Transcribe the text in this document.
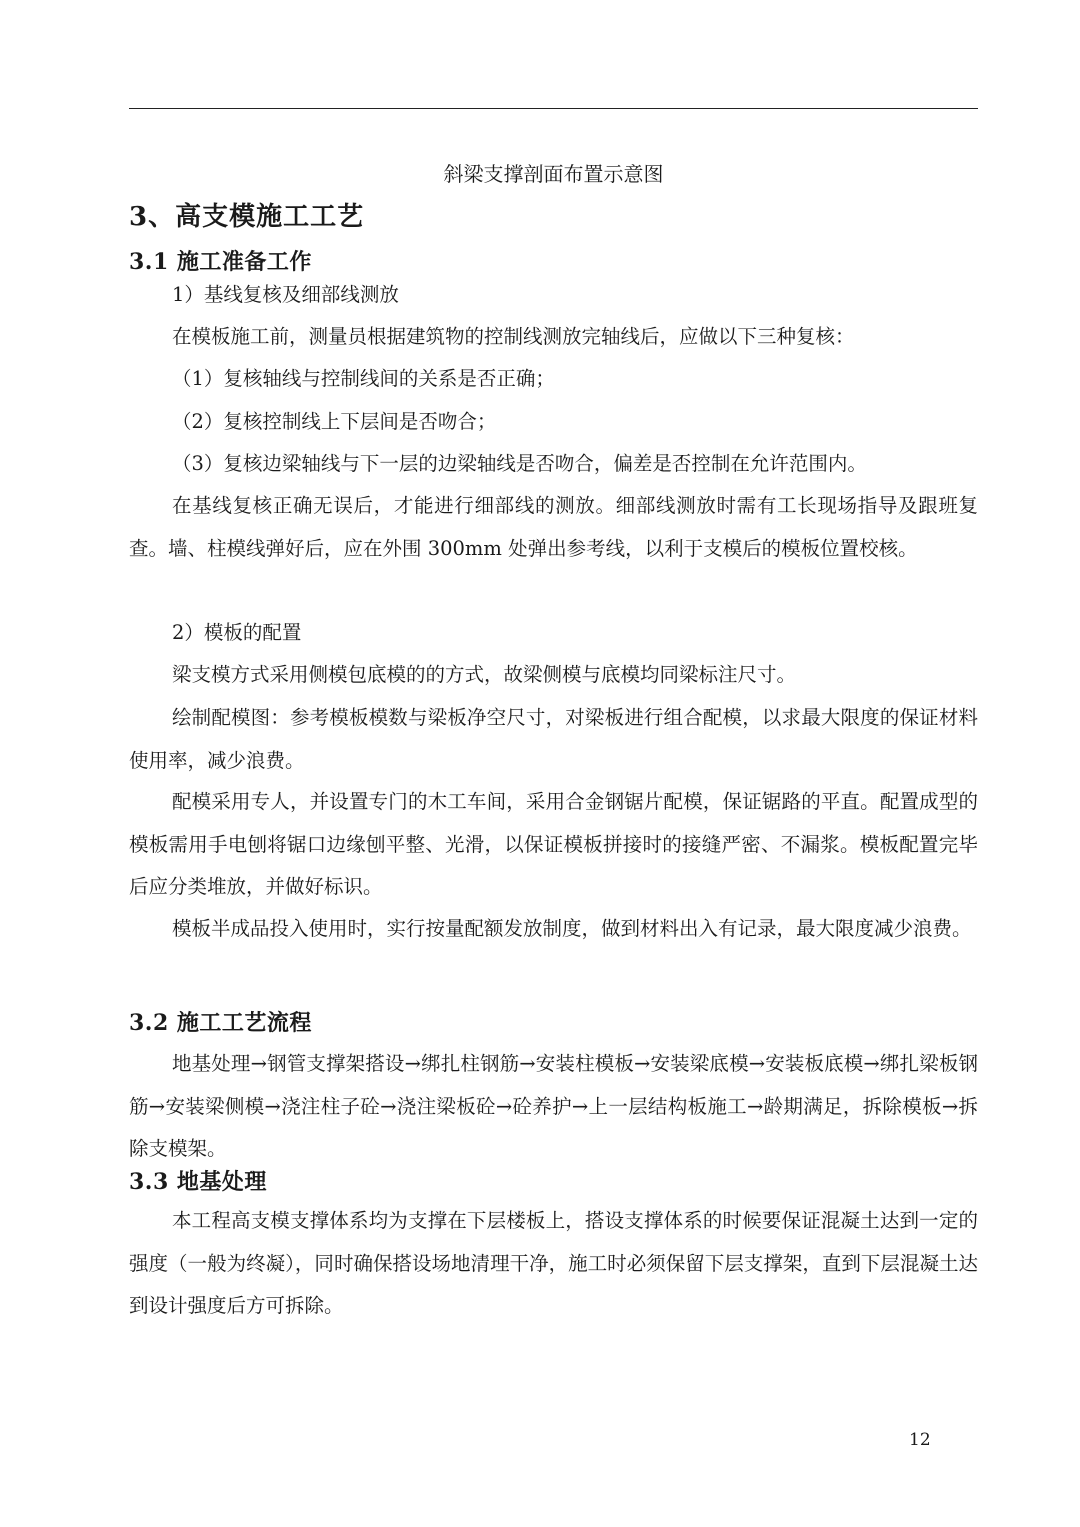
斜梁支撑剖面布置示意图
3、高支模施工工艺
3.1 施工准备工作
1）基线复核及细部线测放
在模板施工前，测量员根据建筑物的控制线测放完轴线后，应做以下三种复核：
（1）复核轴线与控制线间的关系是否正确；
（2）复核控制线上下层间是否吻合；
（3）复核边梁轴线与下一层的边梁轴线是否吻合，偏差是否控制在允许范围内。
在基线复核正确无误后，才能进行细部线的测放。细部线测放时需有工长现场指导及跟班复查。墙、柱模线弹好后，应在外围 300mm 处弹出参考线，以利于支模后的模板位置校核。
2）模板的配置
梁支模方式采用侧模包底模的的方式，故梁侧模与底模均同梁标注尺寸。
绘制配模图：参考模板模数与梁板净空尺寸，对梁板进行组合配模，以求最大限度的保证材料使用率，减少浪费。
配模采用专人，并设置专门的木工车间，采用合金钢锯片配模，保证锯路的平直。配置成型的模板需用手电刨将锯口边缘刨平整、光滑，以保证模板拼接时的接缝严密、不漏浆。模板配置完毕后应分类堆放，并做好标识。
模板半成品投入使用时，实行按量配额发放制度，做到材料出入有记录，最大限度减少浪费。
3.2 施工工艺流程
地基处理→钢管支撑架搭设→绑扎柱钢筋→安装柱模板→安装梁底模→安装板底模→绑扎梁板钢筋→安装梁侧模→浇注柱子砼→浇注梁板砼→砼养护→上一层结构板施工→龄期满足，拆除模板→拆除支模架。
3.3 地基处理
本工程高支模支撑体系均为支撑在下层楼板上，搭设支撑体系的时候要保证混凝土达到一定的强度（一般为终凝），同时确保搭设场地清理干净，施工时必须保留下层支撑架，直到下层混凝土达到设计强度后方可拆除。
12
